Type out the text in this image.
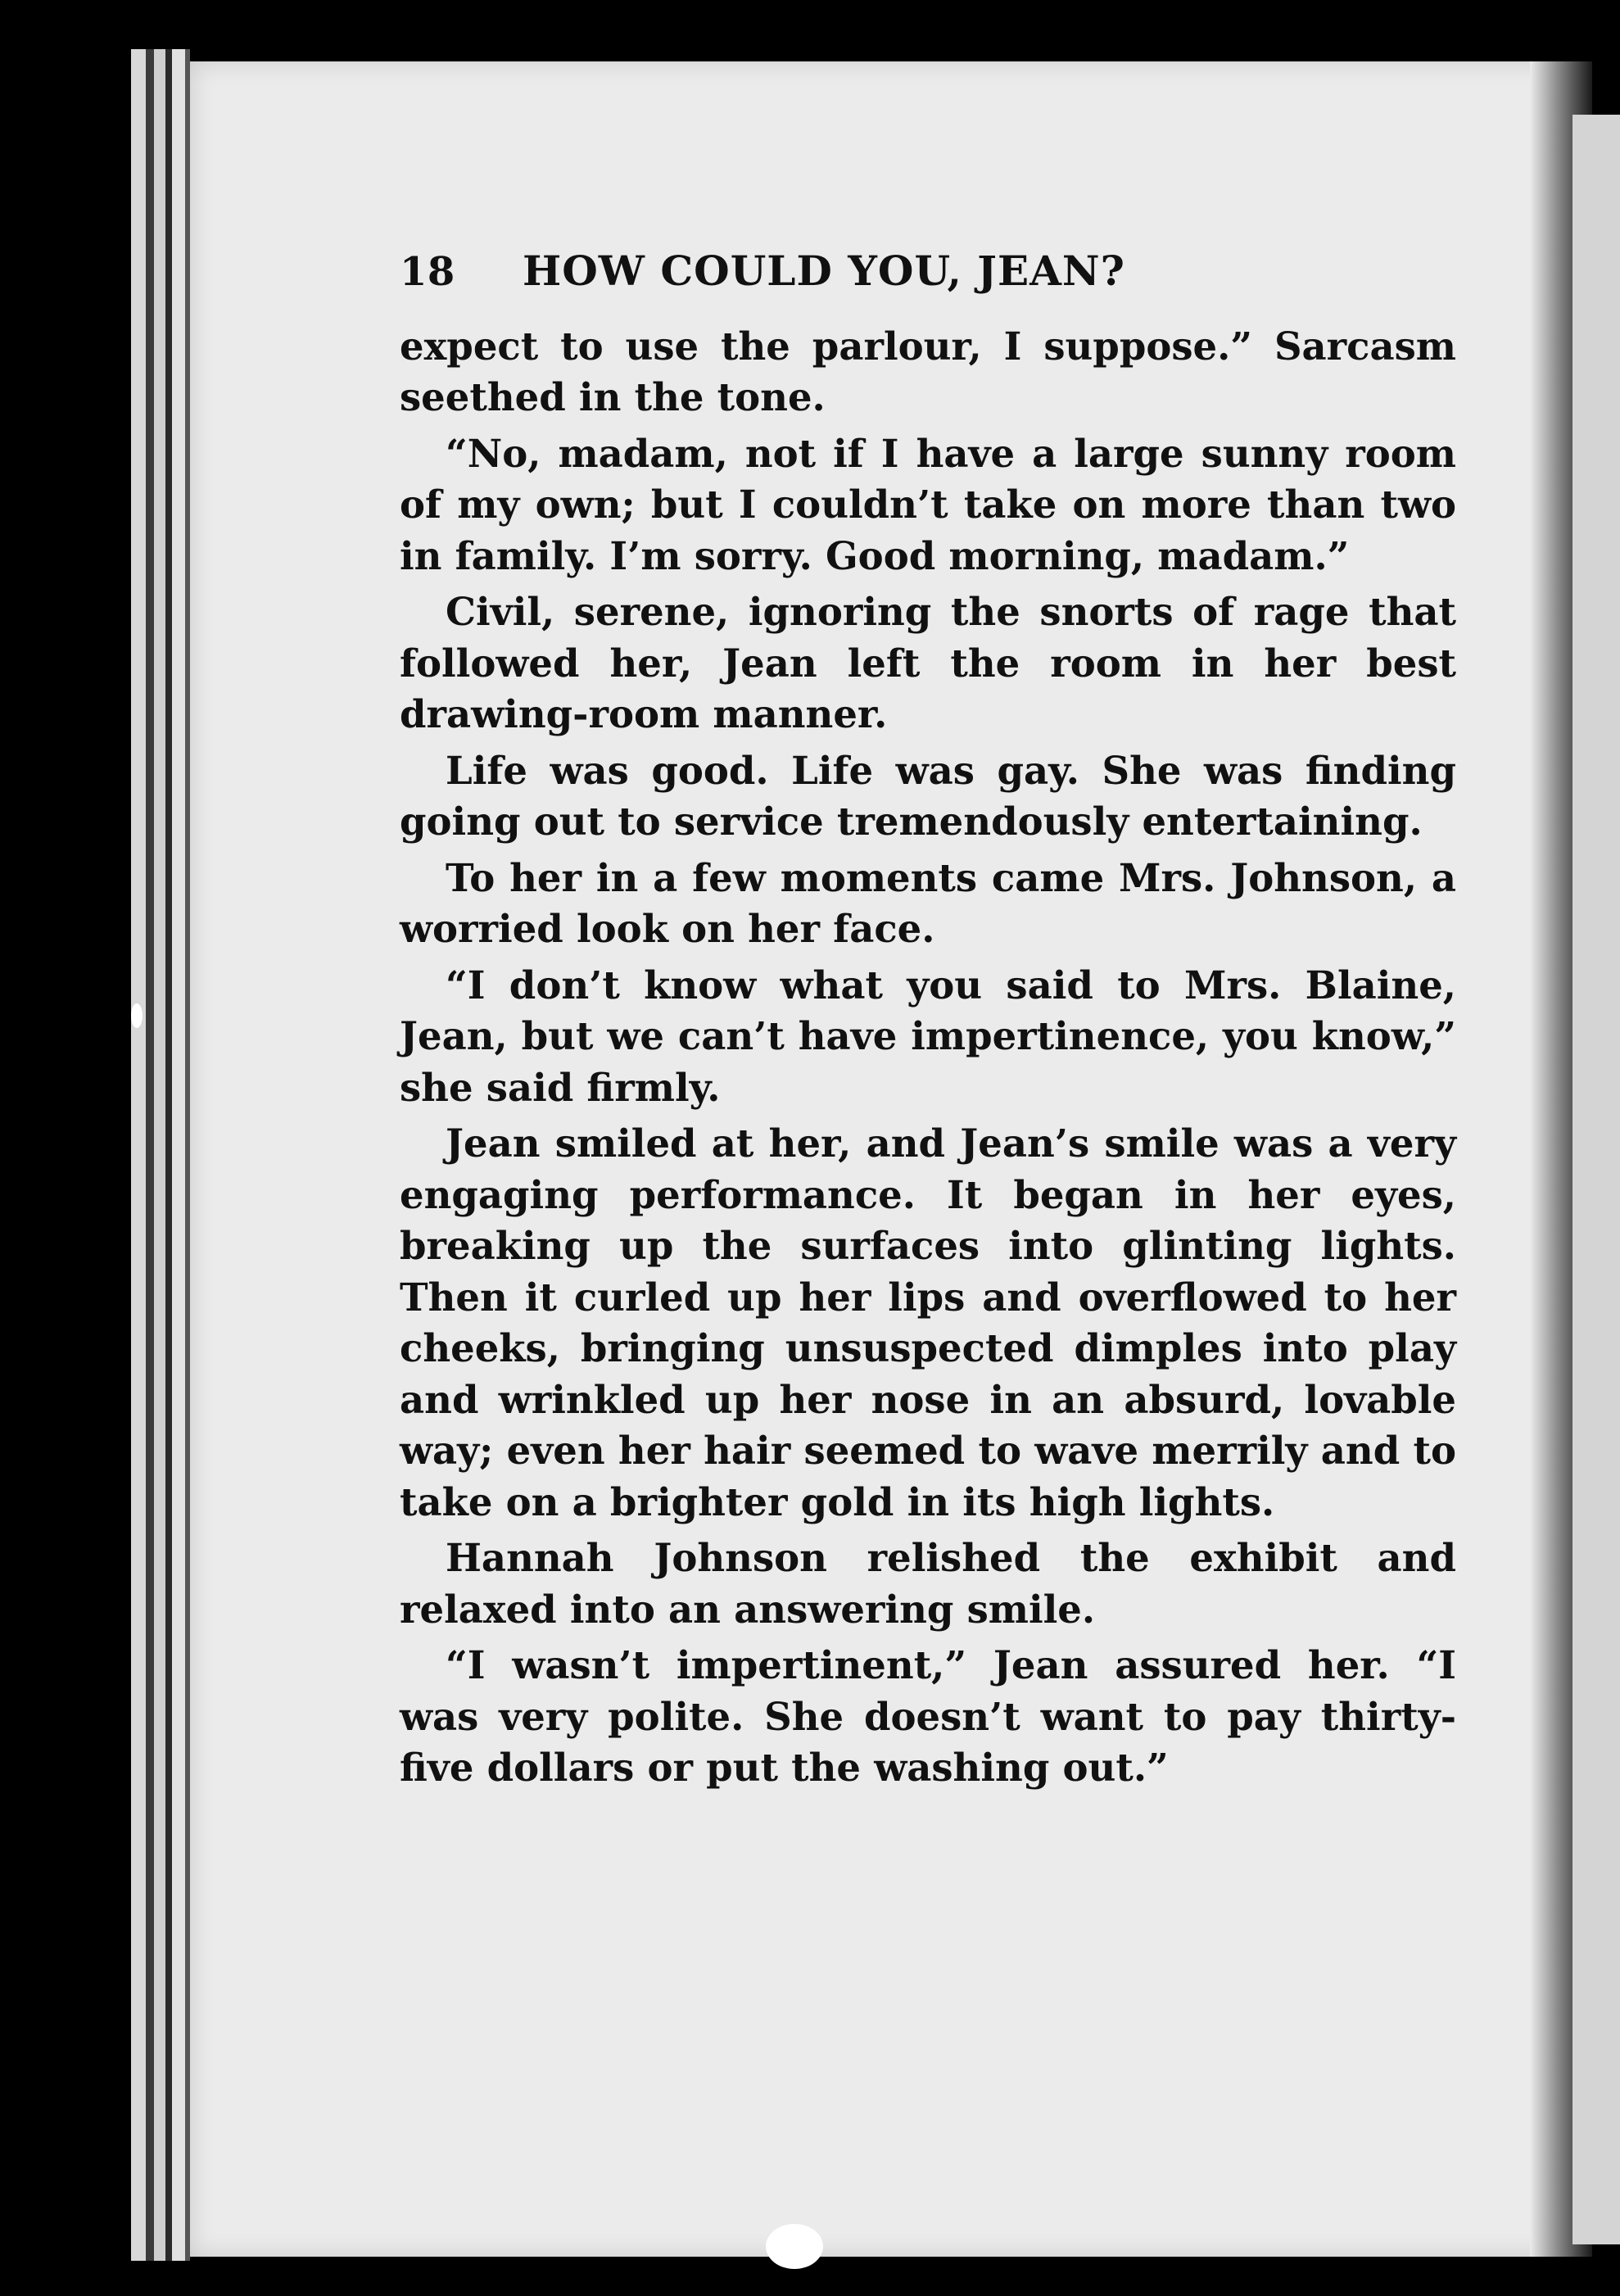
18	HOW COULD YOU, JEAN?

expect to use the parlour, I suppose.” Sarcasm seethed in the tone.

“No, madam, not if I have a large sunny room of my own; but I couldn’t take on more than two in family. I’m sorry. Good morning, madam.”

Civil, serene, ignoring the snorts of rage that followed her, Jean left the room in her best drawing-room manner.

Life was good. Life was gay. She was finding going out to service tremendously entertaining.

To her in a few moments came Mrs. Johnson, a worried look on her face.

“I don’t know what you said to Mrs. Blaine, Jean, but we can’t have impertinence, you know,” she said firmly.

Jean smiled at her, and Jean’s smile was a very engaging performance. It began in her eyes, breaking up the surfaces into glinting lights. Then it curled up her lips and overflowed to her cheeks, bringing unsuspected dimples into play and wrinkled up her nose in an absurd, lovable way; even her hair seemed to wave merrily and to take on a brighter gold in its high lights.

Hannah Johnson relished the exhibit and relaxed into an answering smile.

“I wasn’t impertinent,” Jean assured her. “I was very polite. She doesn’t want to pay thirty-five dollars or put the washing out.”
